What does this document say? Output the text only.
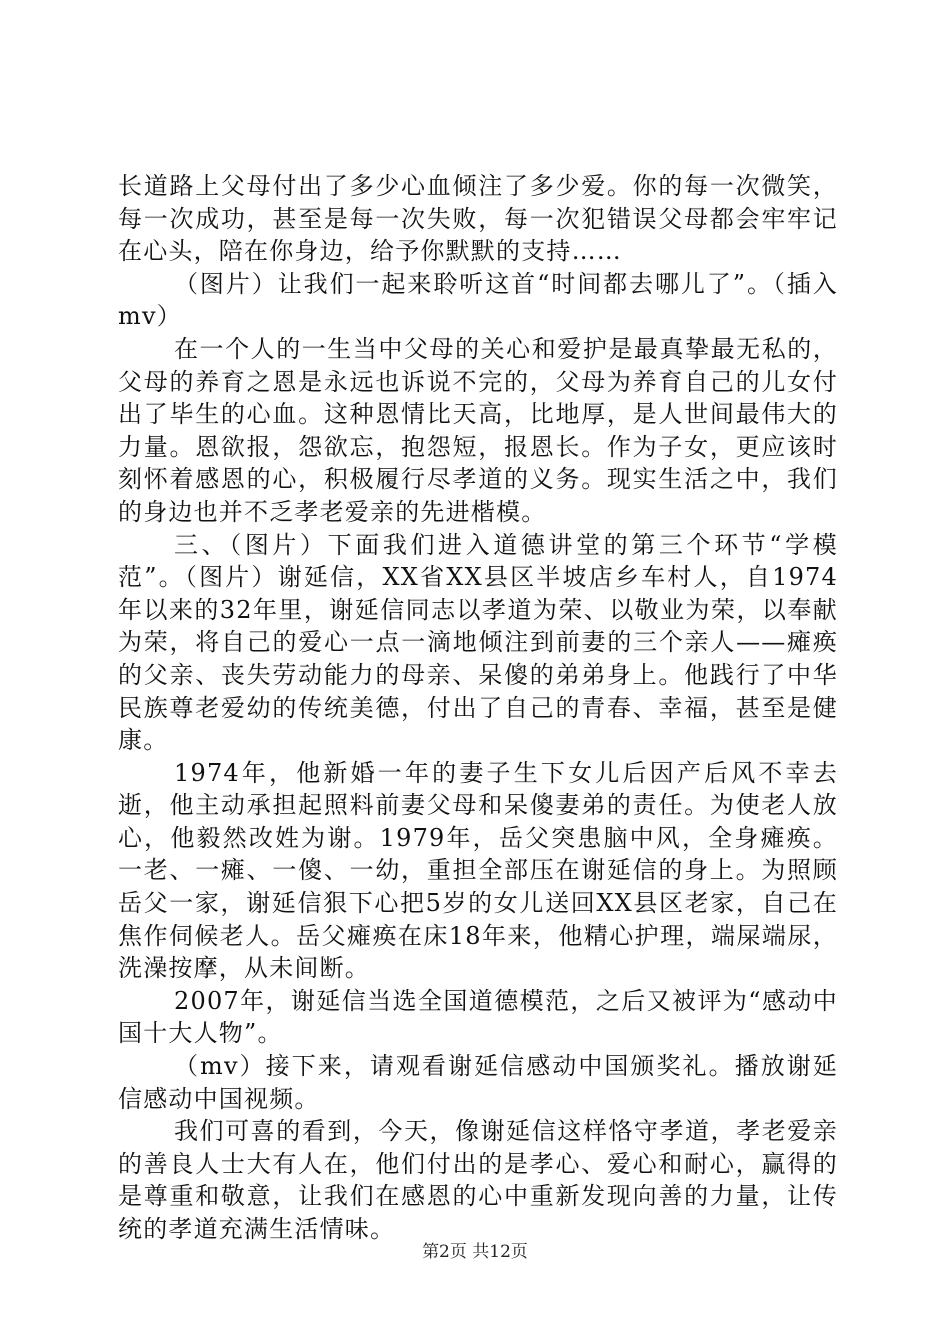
长道路上父母付出了多少心血倾注了多少爱。你的每一次微笑，每一次成功，甚至是每一次失败，每一次犯错误父母都会牢牢记在心头，陪在你身边，给予你默默的支持……

（图片）让我们一起来聆听这首“时间都去哪儿了”。（插入mv）

在一个人的一生当中父母的关心和爱护是最真挚最无私的，父母的养育之恩是永远也诉说不完的，父母为养育自己的儿女付出了毕生的心血。这种恩情比天高，比地厚，是人世间最伟大的力量。恩欲报，怨欲忘，抱怨短，报恩长。作为子女，更应该时刻怀着感恩的心，积极履行尽孝道的义务。现实生活之中，我们的身边也并不乏孝老爱亲的先进楷模。

三、（图片）下面我们进入道德讲堂的第三个环节“学模范”。（图片）谢延信，XX省XX县区半坡店乡车村人，自1974年以来的32年里，谢延信同志以孝道为荣、以敬业为荣，以奉献为荣，将自己的爱心一点一滴地倾注到前妻的三个亲人——瘫痪的父亲、丧失劳动能力的母亲、呆傻的弟弟身上。他践行了中华民族尊老爱幼的传统美德，付出了自己的青春、幸福，甚至是健康。

1974年，他新婚一年的妻子生下女儿后因产后风不幸去逝，他主动承担起照料前妻父母和呆傻妻弟的责任。为使老人放心，他毅然改姓为谢。1979年，岳父突患脑中风，全身瘫痪。一老、一瘫、一傻、一幼，重担全部压在谢延信的身上。为照顾岳父一家，谢延信狠下心把5岁的女儿送回XX县区老家，自己在焦作伺候老人。岳父瘫痪在床18年来，他精心护理，端屎端尿，洗澡按摩，从未间断。

2007年，谢延信当选全国道德模范，之后又被评为“感动中国十大人物”。

（mv）接下来，请观看谢延信感动中国颁奖礼。播放谢延信感动中国视频。

我们可喜的看到，今天，像谢延信这样恪守孝道，孝老爱亲的善良人士大有人在，他们付出的是孝心、爱心和耐心，赢得的是尊重和敬意，让我们在感恩的心中重新发现向善的力量，让传统的孝道充满生活情味。

第2页 共12页
